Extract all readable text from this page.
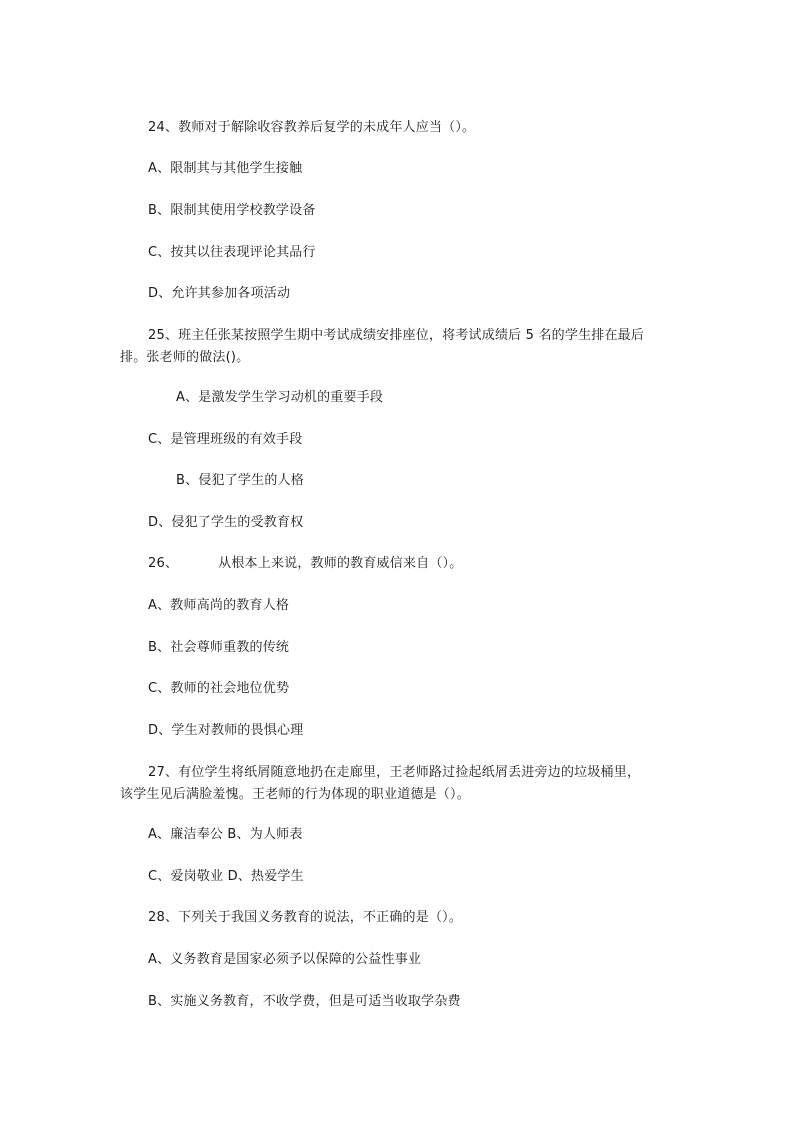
24、教师对于解除收容教养后复学的未成年人应当（）。
A、限制其与其他学生接触
B、限制其使用学校教学设备
C、按其以往表现评论其品行
D、允许其参加各项活动
25、班主任张某按照学生期中考试成绩安排座位，将考试成绩后 5 名的学生排在最后
排。张老师的做法()。
A、是激发学生学习动机的重要手段
C、是管理班级的有效手段
B、侵犯了学生的人格
D、侵犯了学生的受教育权
26、	从根本上来说，教师的教育威信来自（）。
A、教师高尚的教育人格
B、社会尊师重教的传统
C、教师的社会地位优势
D、学生对教师的畏惧心理
27、有位学生将纸屑随意地扔在走廊里，王老师路过捡起纸屑丢进旁边的垃圾桶里，
该学生见后满脸羞愧。王老师的行为体现的职业道德是（）。
A、廉洁奉公 B、为人师表
C、爱岗敬业 D、热爱学生
28、下列关于我国义务教育的说法，不正确的是（）。
A、义务教育是国家必须予以保障的公益性事业
B、实施义务教育，不收学费，但是可适当收取学杂费
